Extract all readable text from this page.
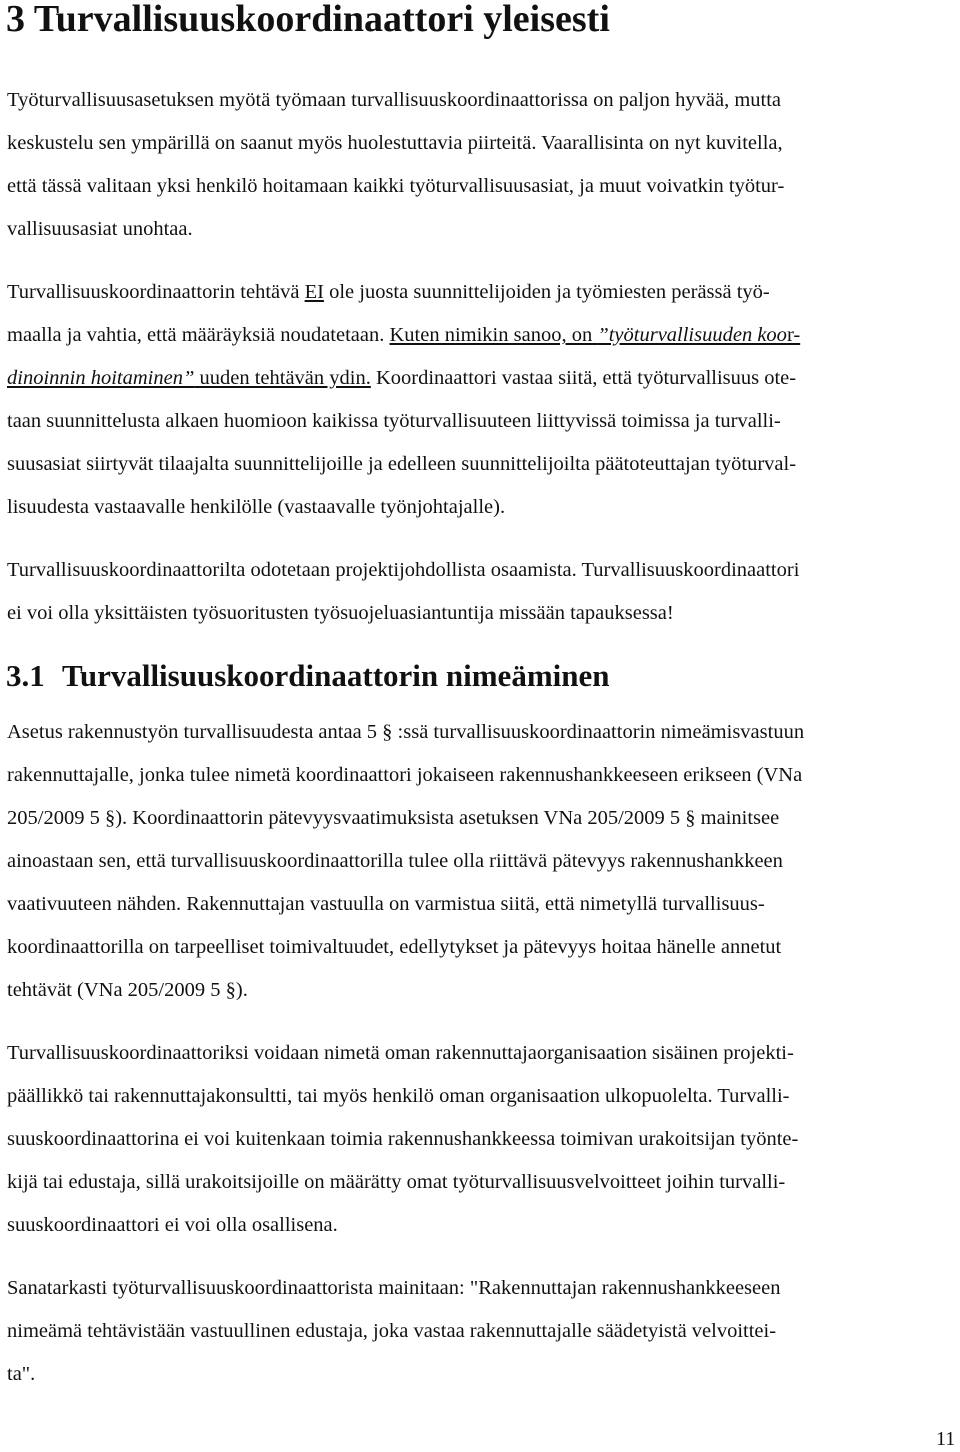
3 Turvallisuuskoordinaattori yleisesti
Työturvallisuusasetuksen myötä työmaan turvallisuuskoordinaattorissa on paljon hyvää, mutta
keskustelu sen ympärillä on saanut myös huolestuttavia piirteitä. Vaarallisinta on nyt kuvitella,
että tässä valitaan yksi henkilö hoitamaan kaikki työturvallisuusasiat, ja muut voivatkin työtur-
vallisuusasiat unohtaa.
Turvallisuuskoordinaattorin tehtävä EI ole juosta suunnittelijoiden ja työmiesten perässä työ-
maalla ja vahtia, että määräyksiä noudatetaan. Kuten nimikin sanoo, on ”työturvallisuuden koor-
dinoinnin hoitaminen” uuden tehtävän ydin. Koordinaattori vastaa siitä, että työturvallisuus ote-
taan suunnittelusta alkaen huomioon kaikissa työturvallisuuteen liittyvissä toimissa ja turvalli-
suusasiat siirtyvät tilaajalta suunnittelijoille ja edelleen suunnittelijoilta päätoteuttajan työturval-
lisuudesta vastaavalle henkilölle (vastaavalle työnjohtajalle).
Turvallisuuskoordinaattorilta odotetaan projektijohdollista osaamista. Turvallisuuskoordinaattori
ei voi olla yksittäisten työsuoritusten työsuojeluasiantuntija missään tapauksessa!
Asetus rakennustyön turvallisuudesta antaa 5 § :ssä turvallisuuskoordinaattorin nimeämisvastuun
rakennuttajalle, jonka tulee nimetä koordinaattori jokaiseen rakennushankkeeseen erikseen (VNa
205/2009 5 §). Koordinaattorin pätevyysvaatimuksista asetuksen VNa 205/2009 5 § mainitsee
ainoastaan sen, että turvallisuuskoordinaattorilla tulee olla riittävä pätevyys rakennushankkeen
vaativuuteen nähden. Rakennuttajan vastuulla on varmistua siitä, että nimetyllä turvallisuus-
koordinaattorilla on tarpeelliset toimivaltuudet, edellytykset ja pätevyys hoitaa hänelle annetut
tehtävät (VNa 205/2009 5 §).
Turvallisuuskoordinaattoriksi voidaan nimetä oman rakennuttajaorganisaation sisäinen projekti-
päällikkö tai rakennuttajakonsultti, tai myös henkilö oman organisaation ulkopuolelta. Turvalli-
suuskoordinaattorina ei voi kuitenkaan toimia rakennushankkeessa toimivan urakoitsijan työnte-
kijä tai edustaja, sillä urakoitsijoille on määrätty omat työturvallisuusvelvoitteet joihin turvalli-
suuskoordinaattori ei voi olla osallisena.
Sanatarkasti työturvallisuuskoordinaattorista mainitaan: "Rakennuttajan rakennushankkeeseen
nimeämä tehtävistään vastuullinen edustaja, joka vastaa rakennuttajalle säädetyistä velvoittei-
ta".
3.1 Turvallisuuskoordinaattorin nimeäminen
11
